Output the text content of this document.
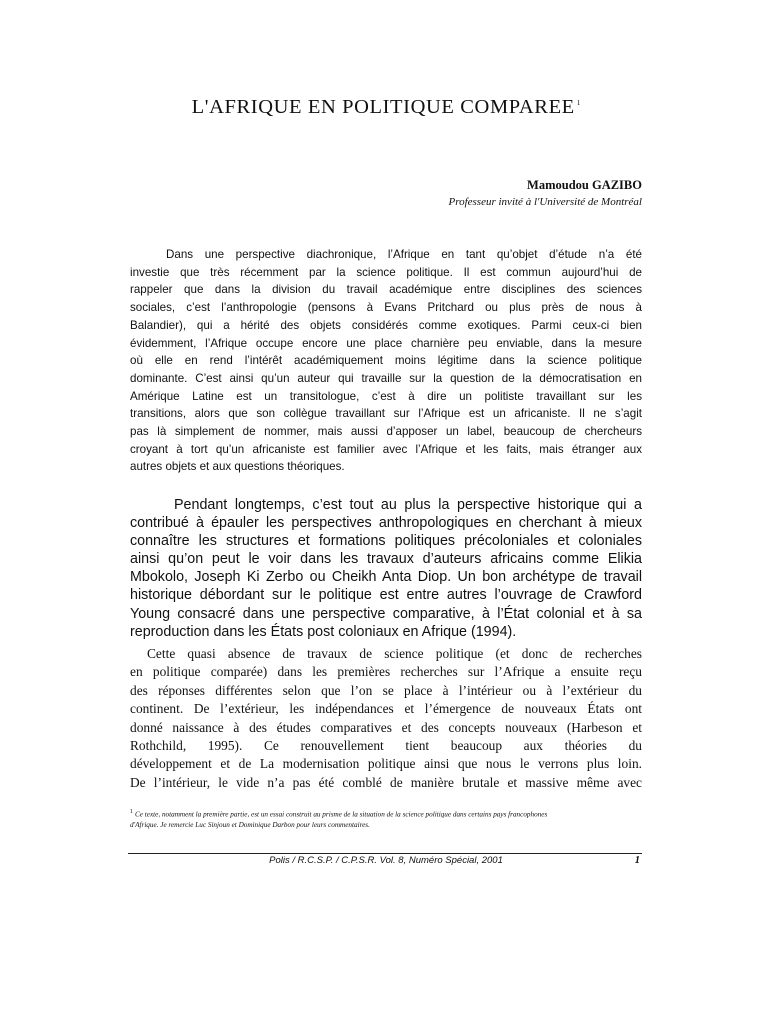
L'AFRIQUE EN POLITIQUE COMPAREE $^1$
Mamoudou GAZIBO
Professeur invité à l'Université de Montréal
Dans une perspective diachronique, l’Afrique en tant qu’objet d’étude n’a été
investie que très récemment par la science politique. Il est commun aujourd’hui de
rappeler que dans la division du travail académique entre disciplines des sciences
sociales, c’est l’anthropologie (pensons à Evans Pritchard ou plus près de nous à
Balandier), qui a hérité des objets considérés comme exotiques. Parmi ceux-ci bien
évidemment, l’Afrique occupe encore une place charnière peu enviable, dans la mesure
où elle en rend l’intérêt académiquement moins légitime dans la science politique
dominante. C’est ainsi qu’un auteur qui travaille sur la question de la démocratisation en
Amérique Latine est un transitologue, c’est à dire un politiste travaillant sur les
transitions, alors que son collègue travaillant sur l’Afrique est un africaniste. Il ne s’agit
pas là simplement de nommer, mais aussi d’apposer un label, beaucoup de chercheurs
croyant à tort qu’un africaniste est familier avec l’Afrique et les faits, mais étranger aux
autres objets et aux questions théoriques.
Pendant longtemps, c’est tout au plus la perspective historique qui a
contribué à épauler les perspectives anthropologiques en cherchant à mieux
connaître les structures et formations politiques précoloniales et coloniales
ainsi qu’on peut le voir dans les travaux d’auteurs africains comme Elikia
Mbokolo, Joseph Ki Zerbo ou Cheikh Anta Diop. Un bon archétype de travail
historique débordant sur le politique est entre autres l’ouvrage de Crawford
Young consacré dans une perspective comparative, à l’État colonial et à sa
reproduction dans les États post coloniaux en Afrique (1994).
Cette quasi absence de travaux de science politique (et donc de recherches
en politique comparée) dans les premières recherches sur l’Afrique a ensuite reçu
des réponses différentes selon que l’on se place à l’intérieur ou à l’extérieur du
continent. De l’extérieur, les indépendances et l’émergence de nouveaux États ont
donné naissance à des études comparatives et des concepts nouveaux (Harbeson et
Rothchild, 1995). Ce renouvellement tient beaucoup aux théories du
développement et de La modernisation politique ainsi que nous le verrons plus loin.
De l’intérieur, le vide n’a pas été comblé de manière brutale et massive même avec
$^1$ Ce texte, notamment la première partie, est un essai construit au prisme de la situation de la science politique dans certains pays francophones
d'Afrique. Je remercie Luc Sinjoun et Dominique Darbon pour leurs commentaires.
Polis / R.C.S.P. / C.P.S.R. Vol. 8, Numéro Spécial, 2001	1
